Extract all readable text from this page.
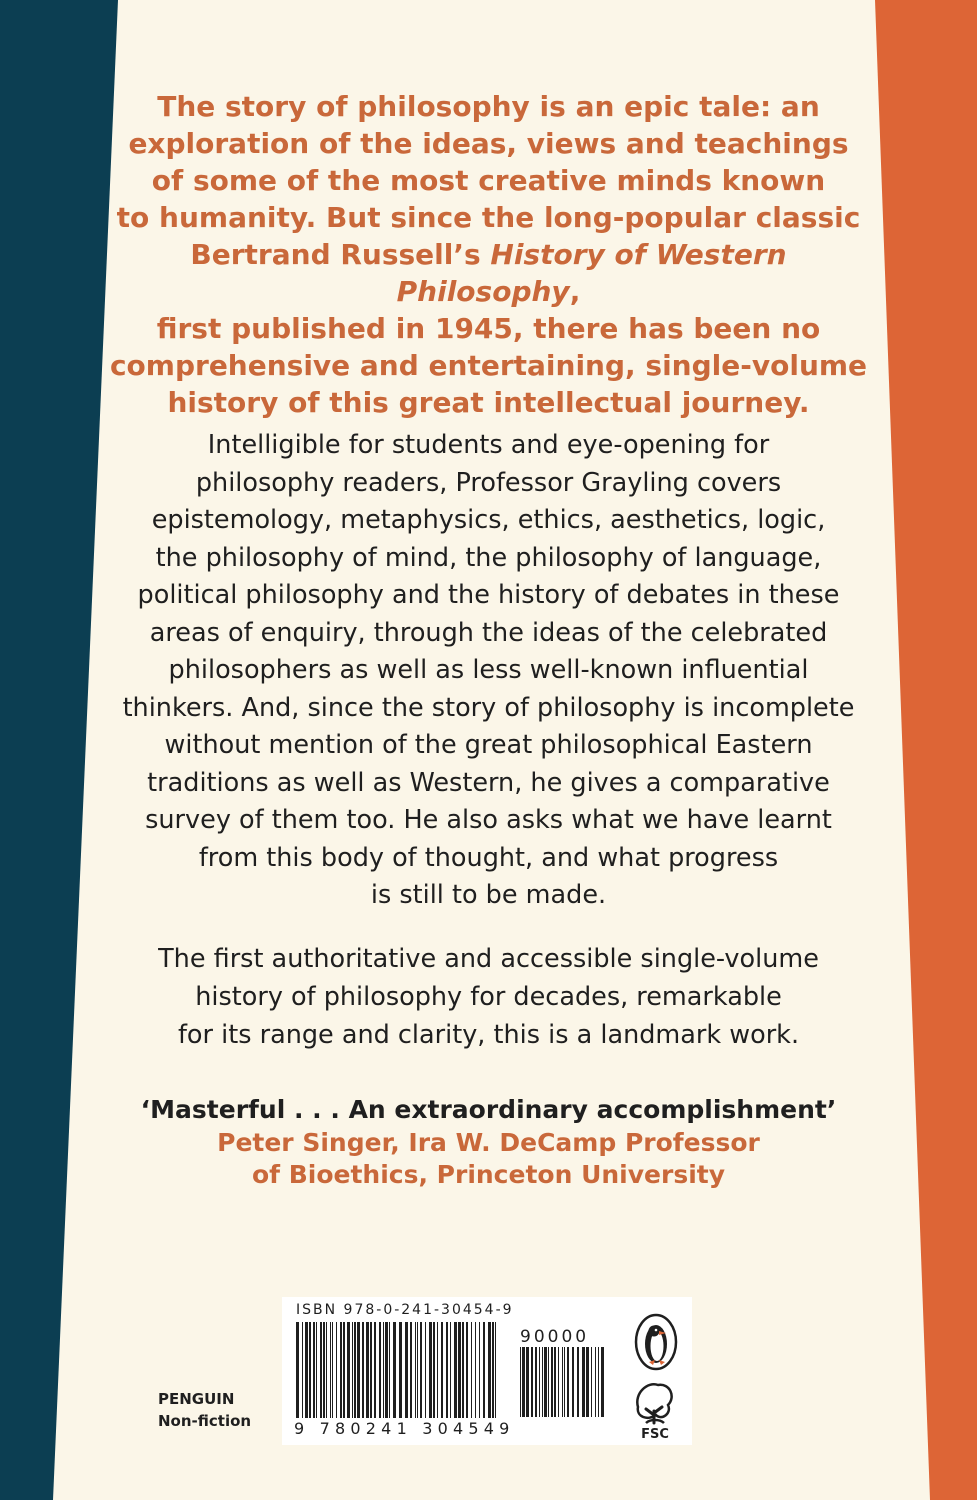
The story of philosophy is an epic tale: an
exploration of the ideas, views and teachings
of some of the most creative minds known
to humanity. But since the long-popular classic
Bertrand Russell’s History of Western Philosophy,
first published in 1945, there has been no
comprehensive and entertaining, single-volume
history of this great intellectual journey.

Intelligible for students and eye-opening for
philosophy readers, Professor Grayling covers
epistemology, metaphysics, ethics, aesthetics, logic,
the philosophy of mind, the philosophy of language,
political philosophy and the history of debates in these
areas of enquiry, through the ideas of the celebrated
philosophers as well as less well-known influential
thinkers. And, since the story of philosophy is incomplete
without mention of the great philosophical Eastern
traditions as well as Western, he gives a comparative
survey of them too. He also asks what we have learnt
from this body of thought, and what progress
is still to be made.

The first authoritative and accessible single-volume
history of philosophy for decades, remarkable
for its range and clarity, this is a landmark work.

‘Masterful . . . An extraordinary accomplishment’
Peter Singer, Ira W. DeCamp Professor
of Bioethics, Princeton University

PENGUIN
Non-fiction
ISBN 978-0-241-30454-9
90000
9 780241 304549	FSC
